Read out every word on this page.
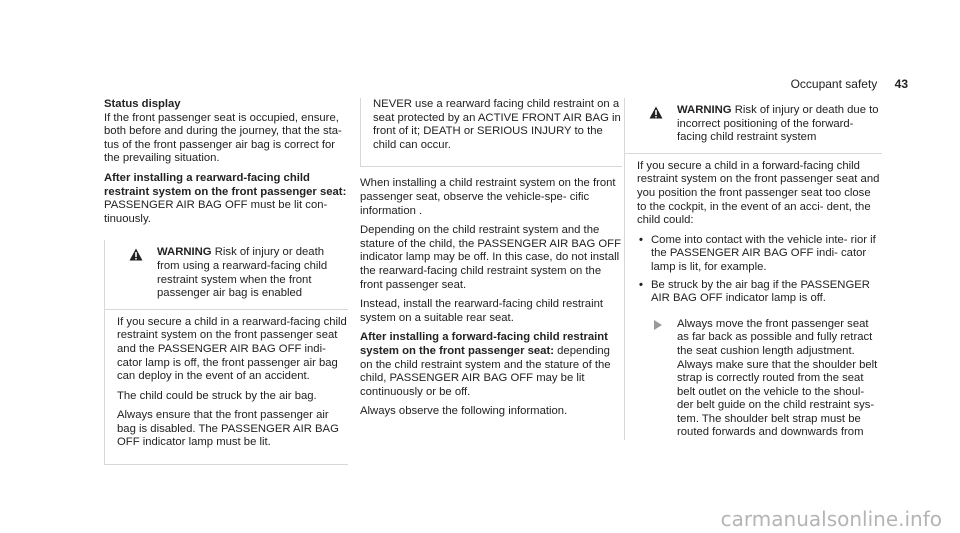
Occupant safety 43
Status display

If the front passenger seat is occupied, ensure, both before and during the journey, that the sta- tus of the front passenger air bag is correct for the prevailing situation.

After installing a rearward-facing child restraint system on the front passenger seat: PASSENGER AIR BAG OFF must be lit con- tinuously.

WARNING Risk of injury or death from using a rearward-facing child restraint system when the front passenger air bag is enabled

If you secure a child in a rearward-facing child restraint system on the front passenger seat and the PASSENGER AIR BAG OFF indi- cator lamp is off, the front passenger air bag can deploy in the event of an accident.

The child could be struck by the air bag.

Always ensure that the front passenger air bag is disabled. The PASSENGER AIR BAG OFF indicator lamp must be lit.

NEVER use a rearward facing child restraint on a seat protected by an ACTIVE FRONT AIR BAG in front of it; DEATH or SERIOUS INJURY to the child can occur.

When installing a child restraint system on the front passenger seat, observe the vehicle-spe- cific information .

Depending on the child restraint system and the stature of the child, the PASSENGER AIR BAG OFF indicator lamp may be off. In this case, do not install the rearward-facing child restraint system on the front passenger seat.

Instead, install the rearward-facing child restraint system on a suitable rear seat.

After installing a forward-facing child restraint system on the front passenger seat: depending on the child restraint system and the stature of the child, PASSENGER AIR BAG OFF may be lit continuously or be off.

Always observe the following information.

WARNING Risk of injury or death due to incorrect positioning of the forward- facing child restraint system

If you secure a child in a forward-facing child restraint system on the front passenger seat and you position the front passenger seat too close to the cockpit, in the event of an acci- dent, the child could:

• Come into contact with the vehicle inte- rior if the PASSENGER AIR BAG OFF indi- cator lamp is lit, for example.
• Be struck by the air bag if the PASSENGER AIR BAG OFF indicator lamp is off.
Always move the front passenger seat as far back as possible and fully retract the seat cushion length adjustment. Always make sure that the shoulder belt strap is correctly routed from the seat belt outlet on the vehicle to the shoul- der belt guide on the child restraint sys- tem. The shoulder belt strap must be routed forwards and downwards from
carmanualsonline.info
